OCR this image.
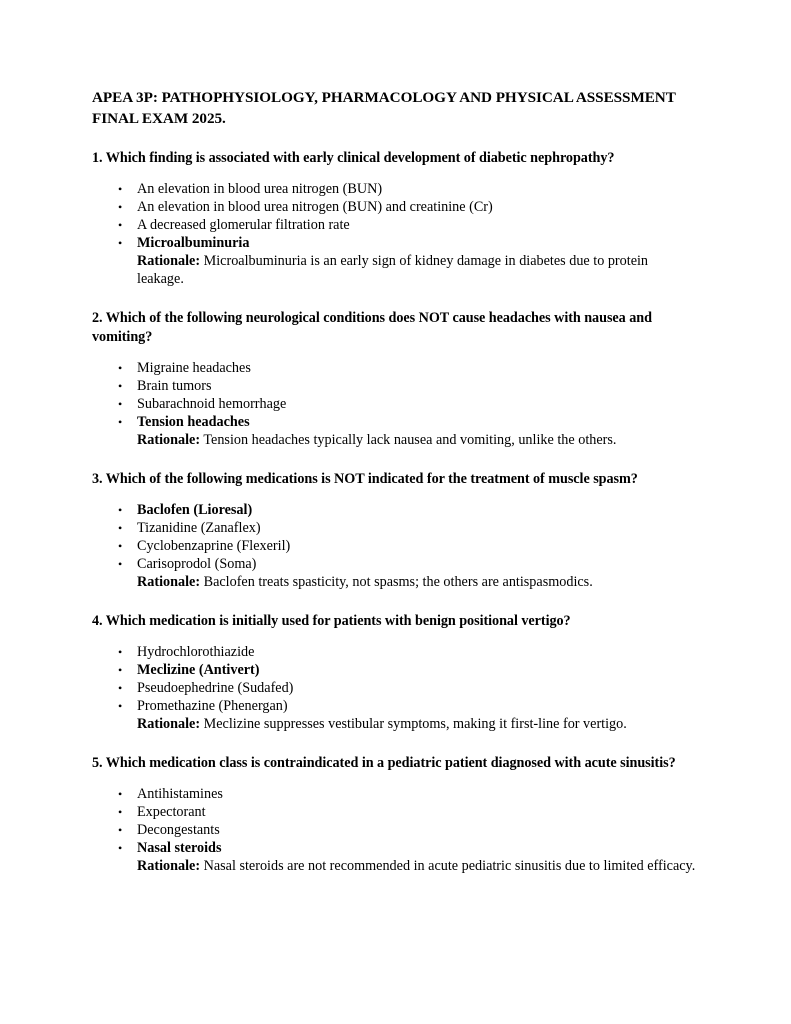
APEA 3P: PATHOPHYSIOLOGY, PHARMACOLOGY AND PHYSICAL ASSESSMENT FINAL EXAM 2025.

1. Which finding is associated with early clinical development of diabetic nephropathy?

• An elevation in blood urea nitrogen (BUN)
• An elevation in blood urea nitrogen (BUN) and creatinine (Cr)
• A decreased glomerular filtration rate
• Microalbuminuria

Rationale: Microalbuminuria is an early sign of kidney damage in diabetes due to protein leakage.

2. Which of the following neurological conditions does NOT cause headaches with nausea and vomiting?

• Migraine headaches
• Brain tumors
• Subarachnoid hemorrhage
• Tension headaches

Rationale: Tension headaches typically lack nausea and vomiting, unlike the others.

3. Which of the following medications is NOT indicated for the treatment of muscle spasm?

• Baclofen (Lioresal)
• Tizanidine (Zanaflex)
• Cyclobenzaprine (Flexeril)
• Carisoprodol (Soma)

Rationale: Baclofen treats spasticity, not spasms; the others are antispasmodics.

4. Which medication is initially used for patients with benign positional vertigo?

• Hydrochlorothiazide
• Meclizine (Antivert)
• Pseudoephedrine (Sudafed)
• Promethazine (Phenergan)

Rationale: Meclizine suppresses vestibular symptoms, making it first-line for vertigo.

5. Which medication class is contraindicated in a pediatric patient diagnosed with acute sinusitis?

• Antihistamines
• Expectorant
• Decongestants
• Nasal steroids

Rationale: Nasal steroids are not recommended in acute pediatric sinusitis due to limited efficacy.
